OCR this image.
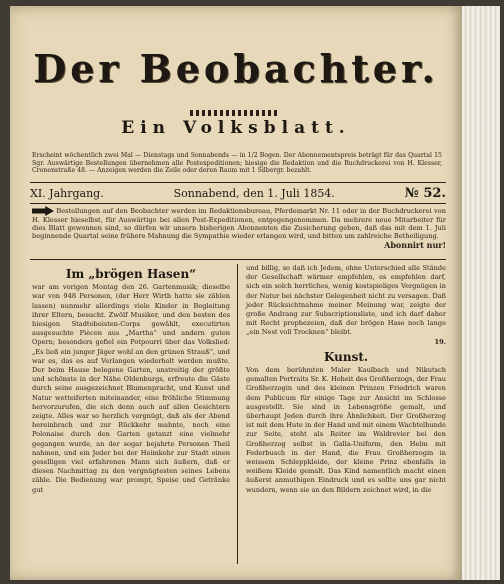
Der Beobachter.
Ein Volksblatt.
Erscheint wöchentlich zwei Mal — Dienstags und Sonnabends — in 1/2 Bogen. Der Abonnementspreis beträgt für das Quartal 15 Sgr. Auswärtige Bestellungen übernehmen alle Postexpeditionen; hiesige die Redaktion und die Buchdruckerei von H. Klesser, Cronenstraße 48. — Anzeigen werden die Zeile oder deren Raum mit 1 Silbergr. bezahlt.
XI. Jahrgang.	Sonnabend, den 1. Juli 1854.	№ 52.
Bestellungen auf den Beobachter werden im Redaktionsbureau, Pferdemarkt Nr. 11 oder in der Buchdruckerei von H. Klesser hieselbst, für Auswärtige bei allen Post-Expeditionen, entgegengenommen. Da mehrere neue Mitarbeiter für dies Blatt gewonnen sind, so dürfen wir unsern bisherigen Abonnenten die Zusicherung geben, daß das mit dem 1. Juli beginnende Quartal seine frühere Mahnung die Sympathie wieder erlangen wird, und bitten um zahlreiche Betheiligung.
Abonnirt nur!
Im „brögen Hasen“
war am vorigen Montag den 26. Gartenmusik; dieselbe war von 948 Personen, (der Herr Wirth hatte sie zählen lassen) nunmehr allerdings viele Kinder in Begleitung ihrer Eltern, besucht. Zwölf Musiker, und den besten des hiesigen Stadtoboisten-Corps gewählt, executirten ausgesuchte Piècen aus „Martha“ und andern guten Opern; besonders gefiel ein Potpourri über das Volkslied: „Es ließ ein junger Jäger wohl an den grünen Strauß“, und war es, das es auf Verlangen wiederholt werden mußte. Der beim Hause belegene Garten, unstreitig der größte und schönste in der Nähe Oldenburgs, erfreute die Gäste durch seine ausgezeichnet Blumenpracht, und Kunst und Natur wetteiferten miteinander, eine fröhliche Stimmung hervorzurufen, die sich denn auch auf allen Gesichtern zeigte. Alles war so herzlich vergnügt, daß als der Abend hereinbrach und zur Rückkehr mahnte, noch eine Polonaise durch den Garten getanzt eine vielmehr gegangen wurde, an der sogar bejahrte Personen Theil nahmen, und ein Jeder bei der Heimkehr zur Stadt einen geselligen viel erfahrenen Mann sich äußern, daß er diesen Nachmittag zu den vergnügtesten seines Lebens zähle. Die Bedienung war prompt, Speise und Getränke gut
und billig, so daß ich Jedem, ohne Unterschied alle Stände der Gesellschaft wärmer empfehlen, es empfehlen darf, sich ein solch herrliches, wenig kostspieliges Vergnügen in der Natur bei nächster Gelegenheit nicht zu versagen. Daß jeder Rücksichtnahme meiner Meinung war, zeigte der große Andrang zur Subscriptionsliste, und ich darf daher mit Recht prophezeien, daß der brögen Hase noch lange „ein Nest voll Trocknen“ bleibt.
19.
Kunst.
Von dem berühmten Maler Kaulbach und Nikutsch gemalten Portraits Sr. K. Hoheit des Großherzogs, der Frau Großherzogin und des kleinen Prinzen Friedrich waren dem Publicum für einige Tage zur Ansicht im Schlosse ausgestellt. Sie sind in Lebensgröße gemalt, und überhaupt Jeden durch ihre Ähnlichkeit. Der Großherzog ist mit dem Hute in der Hand und mit einem Wachtelhunde zur Seite, steht als Reiter im Waldrevier bei den Großherzog selbst in Galla-Uniform, den Helm mit Federbusch in der Hand, die Frau Großherzogin in weissem Schleppkleide, der kleine Prinz ebenfalls in weißem Kleide gemalt. Das Kind namentlich macht einen äußerst anmuthigen Eindruck und es sollte uns gar nicht wundern, wenn sie an den Bildern zeichnet wird, in die
